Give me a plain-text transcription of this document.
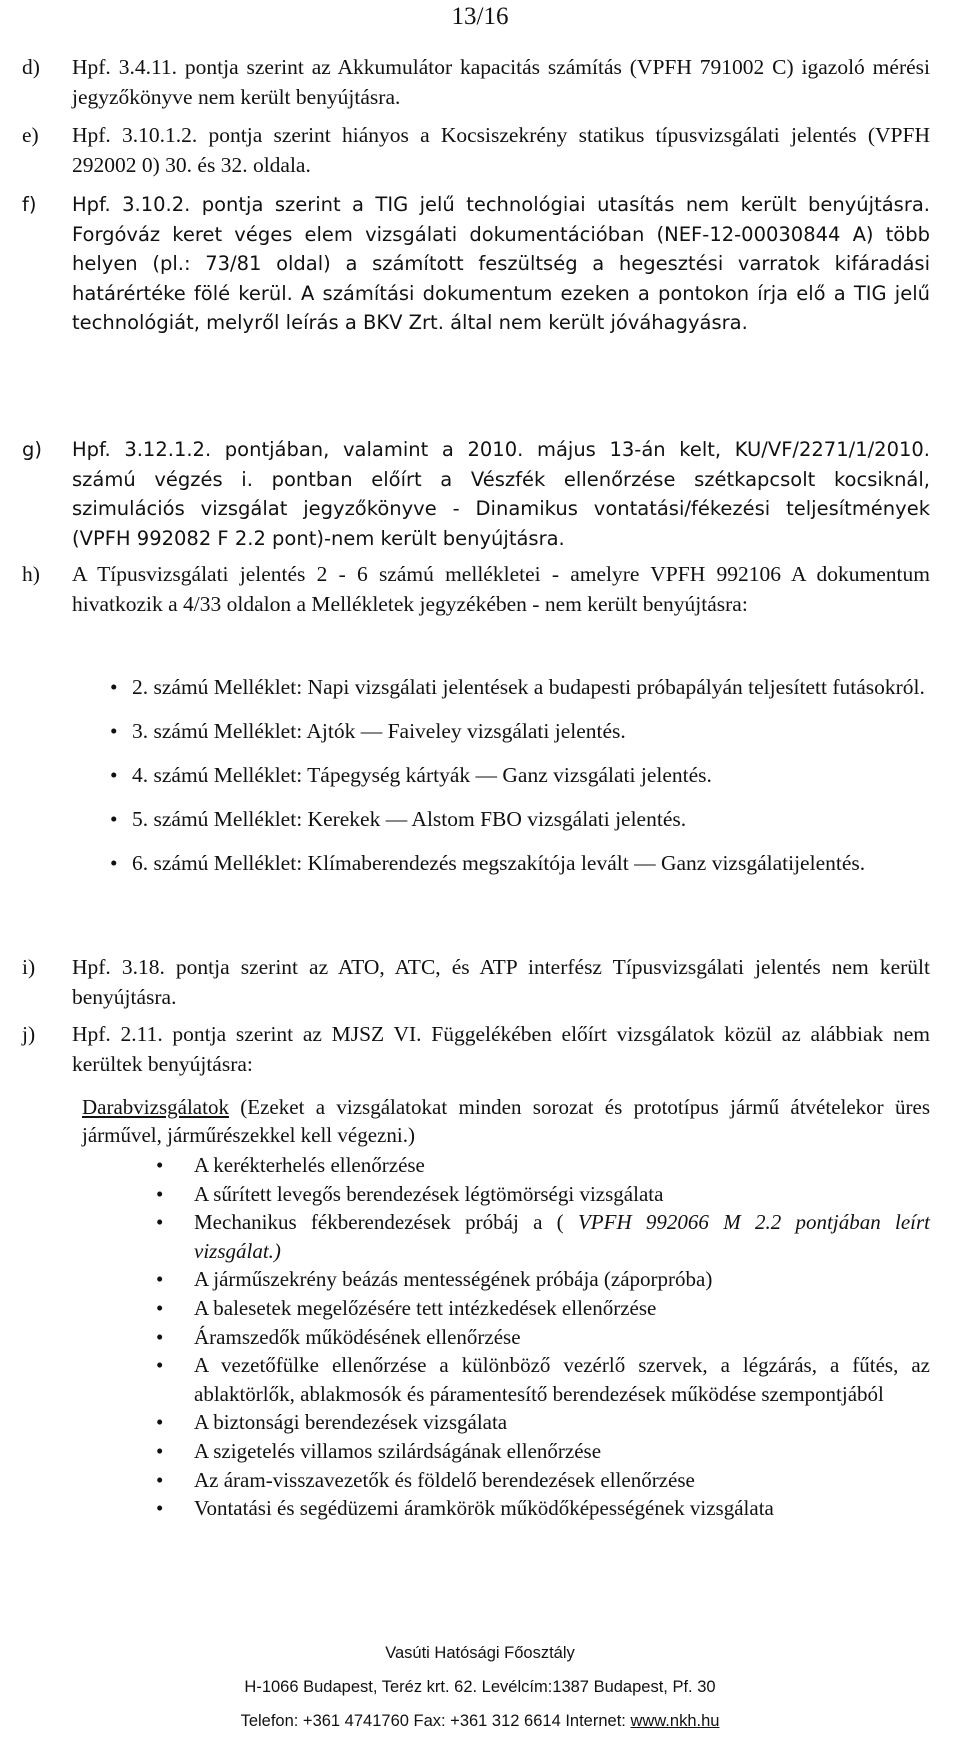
13/16
d)	Hpf. 3.4.11. pontja szerint az Akkumulátor kapacitás számítás (VPFH 791002 C) igazoló mérési jegyzőkönyve nem került benyújtásra.
e)	Hpf. 3.10.1.2. pontja szerint hiányos a Kocsiszekrény statikus típusvizsgálati jelentés (VPFH 292002 0) 30. és 32. oldala.
f)	Hpf. 3.10.2. pontja szerint a TIG jelű technológiai utasítás nem került benyújtásra. Forgóváz keret véges elem vizsgálati dokumentációban (NEF-12-00030844 A) több helyen (pl.: 73/81 oldal) a számított feszültség a hegesztési varratok kifáradási határértéke fölé kerül. A számítási dokumentum ezeken a pontokon írja elő a TIG jelű technológiát, melyről leírás a BKV Zrt. által nem került jóváhagyásra.
g)	Hpf. 3.12.1.2. pontjában, valamint a 2010. május 13-án kelt, KU/VF/2271/1/2010. számú végzés i. pontban előírt a Vészfék ellenőrzése szétkapcsolt kocsiknál, szimulációs vizsgálat jegyzőkönyve - Dinamikus vontatási/fékezési teljesítmények (VPFH 992082 F 2.2 pont)-nem került benyújtásra.
h)	A Típusvizsgálati jelentés 2 - 6 számú mellékletei - amelyre VPFH 992106 A dokumentum hivatkozik a 4/33 oldalon a Mellékletek jegyzékében - nem került benyújtásra:
• 2. számú Melléklet: Napi vizsgálati jelentések a budapesti próbapályán teljesített futásokról.
• 3. számú Melléklet: Ajtók — Faiveley vizsgálati jelentés.
• 4. számú Melléklet: Tápegység kártyák — Ganz vizsgálati jelentés.
• 5. számú Melléklet: Kerekek — Alstom FBO vizsgálati jelentés.
• 6. számú Melléklet: Klímaberendezés megszakítója levált — Ganz vizsgálatijelentés.
i)	Hpf. 3.18. pontja szerint az ATO, ATC, és ATP interfész Típusvizsgálati jelentés nem került benyújtásra.
j)	Hpf. 2.11. pontja szerint az MJSZ VI. Függelékében előírt vizsgálatok közül az alábbiak nem kerültek benyújtásra:
Darabvizsgálatok (Ezeket a vizsgálatokat minden sorozat és prototípus jármű átvételekor üres járművel, járműrészekkel kell végezni.)
• A kerékterhelés ellenőrzése
• A sűrített levegős berendezések légtömörségi vizsgálata
• Mechanikus fékberendezések próbáj a ( VPFH 992066 M 2.2 pontjában leírt vizsgálat.)
• A járműszekrény beázás mentességének próbája (záporpróba)
• A balesetek megelőzésére tett intézkedések ellenőrzése
• Áramszedők működésének ellenőrzése
• A vezetőfülke ellenőrzése a különböző vezérlő szervek, a légzárás, a fűtés, az ablaktörlők, ablakmosók és páramentesítő berendezések működése szempontjából
• A biztonsági berendezések vizsgálata
• A szigetelés villamos szilárdságának ellenőrzése
• Az áram-visszavezetők és földelő berendezések ellenőrzése
• Vontatási és segédüzemi áramkörök működőképességének vizsgálata
Vasúti Hatósági Főosztály
H-1066 Budapest, Teréz krt. 62. Levélcím:1387 Budapest, Pf. 30
Telefon: +361 4741760 Fax: +361 312 6614 Internet: www.nkh.hu
